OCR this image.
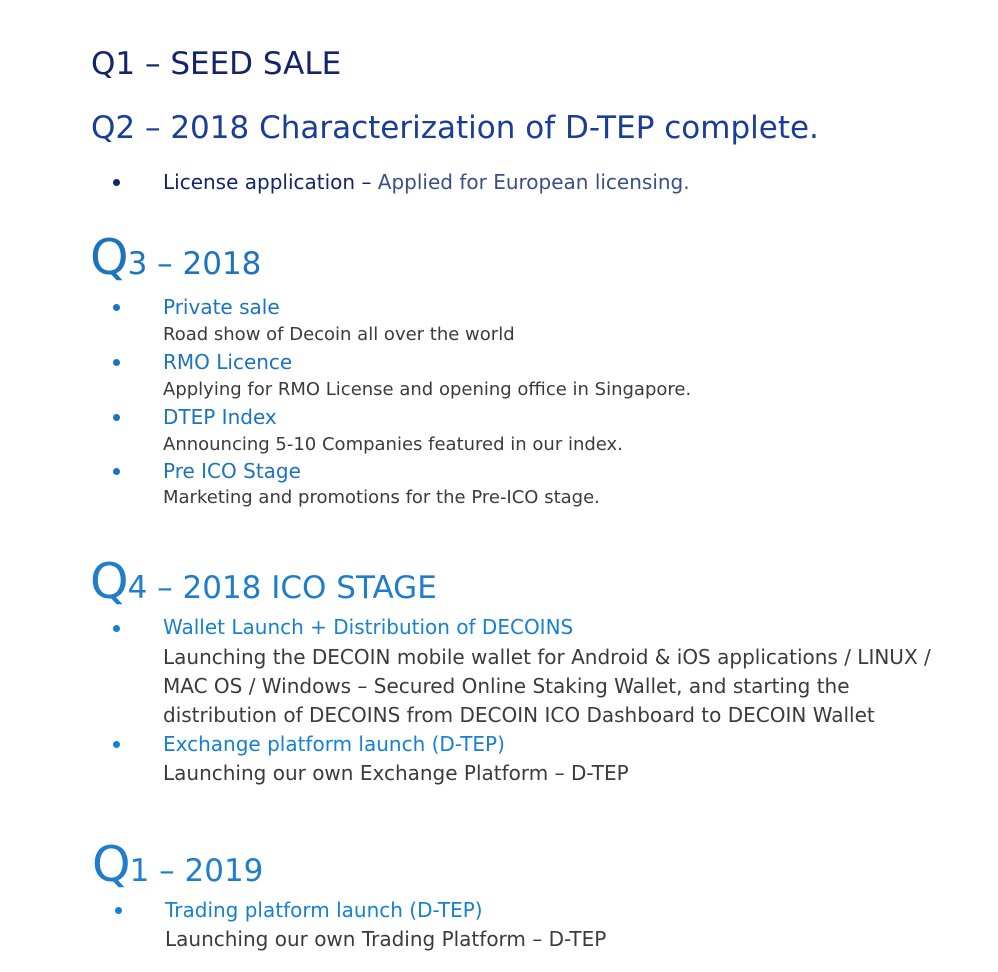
Q1 – SEED SALE
Q2 – 2018 Characterization of D-TEP complete.
License application – Applied for European licensing.
Q3 – 2018
Private sale
Road show of Decoin all over the world
RMO Licence
Applying for RMO License and opening office in Singapore.
DTEP Index
Announcing 5-10 Companies featured in our index.
Pre ICO Stage
Marketing and promotions for the Pre-ICO stage.
Q4 – 2018 ICO STAGE
Wallet Launch + Distribution of DECOINS
Launching the DECOIN mobile wallet for Android & iOS applications / LINUX /
MAC OS / Windows – Secured Online Staking Wallet, and starting the
distribution of DECOINS from DECOIN ICO Dashboard to DECOIN Wallet
Exchange platform launch (D-TEP)
Launching our own Exchange Platform – D-TEP
Q1 – 2019
Trading platform launch (D-TEP)
Launching our own Trading Platform – D-TEP
